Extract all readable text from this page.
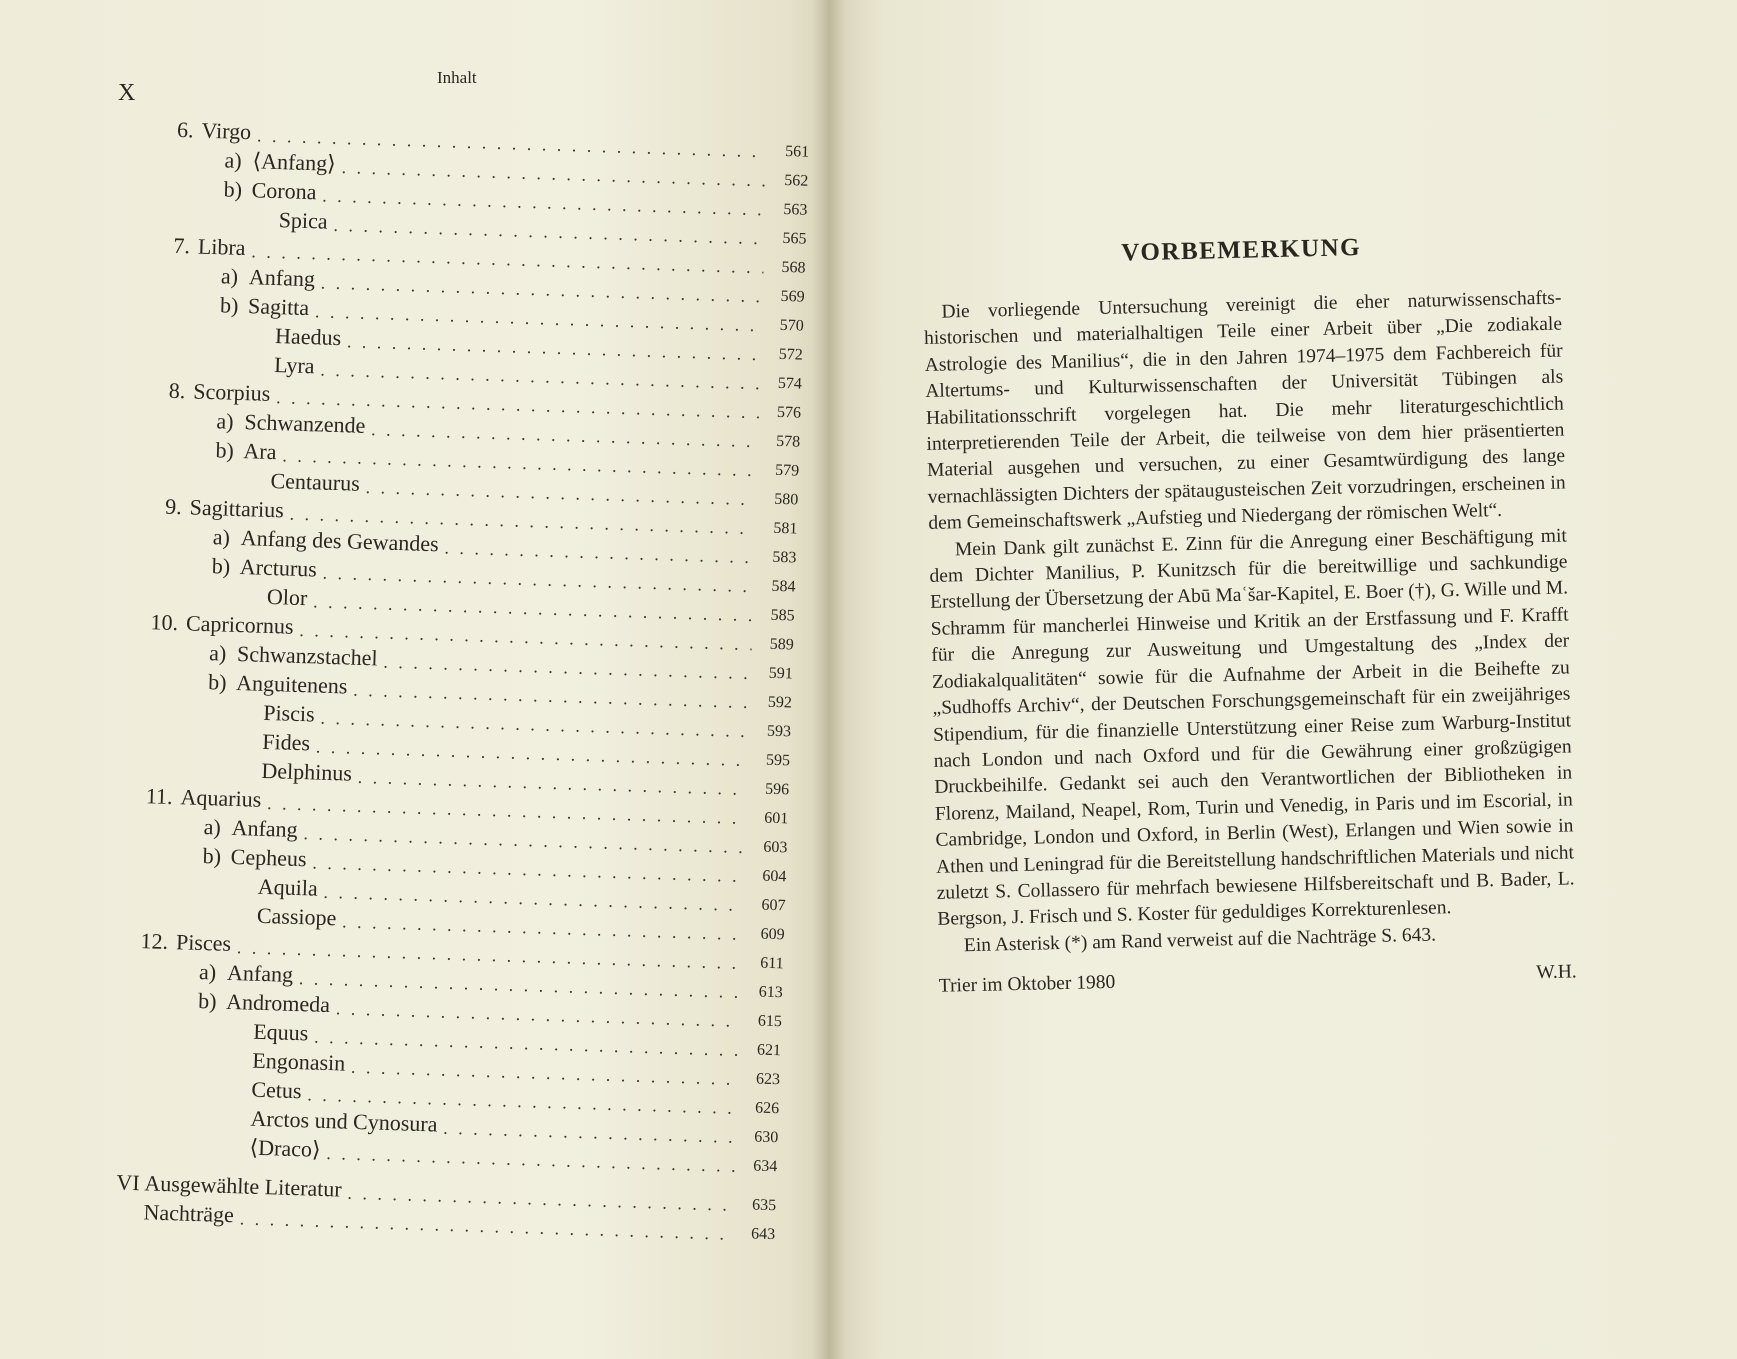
X
Inhalt
6. Virgo
. . .
561
a) ⟨Anfang⟩
. . .
562
b) Corona
. . .
563
Spica
. . .
565
7. Libra
. . .
568
a) Anfang
. . .
569
b) Sagitta
. . .
570
Haedus
. . .
572
Lyra
. . .
574
8. Scorpius
. . .
576
a) Schwanzende
. . .
578
b) Ara
. . .
579
Centaurus
. . .
580
9. Sagittarius
. . .
581
a) Anfang des Gewandes
. . .
583
b) Arcturus
. . .
584
Olor
. . .
585
10. Capricornus
. . .
589
a) Schwanzstachel
. . .
591
b) Anguitenens
. . .
592
Piscis
. . .
593
Fides
. . .
595
Delphinus
. . .
596
11. Aquarius
. . .
601
a) Anfang
. . .
603
b) Cepheus
. . .
604
Aquila
. . .
607
Cassiope
. . .
609
12. Pisces
. . .
611
a) Anfang
. . .
613
b) Andromeda
. . .
615
Equus
. . .
621
Engonasin
. . .
623
Cetus
. . .
626
Arctos und Cynosura
. . .
630
⟨Draco⟩
. . .
634
VI Ausgewählte Literatur
. . .
635
Nachträge
. . .
643
VORBEMERKUNG

Die vorliegende Untersuchung vereinigt die eher naturwissenschafts-historischen und materialhaltigen Teile einer Arbeit über „Die zodiakale Astrologie des Manilius“, die in den Jahren 1974–1975 dem Fachbereich für Altertums- und Kulturwissenschaften der Universität Tübingen als Habilitationsschrift vorgelegen hat. Die mehr literaturgeschichtlich interpretierenden Teile der Arbeit, die teilweise von dem hier präsentierten Material ausgehen und versuchen, zu einer Gesamtwürdigung des lange vernachlässigten Dichters der spätaugusteischen Zeit vorzudringen, erscheinen in dem Gemeinschaftswerk „Aufstieg und Niedergang der römischen Welt“.

Mein Dank gilt zunächst E. Zinn für die Anregung einer Beschäftigung mit dem Dichter Manilius, P. Kunitzsch für die bereitwillige und sachkundige Erstellung der Übersetzung der Abū Maʿšar-Kapitel, E. Boer (†), G. Wille und M. Schramm für mancherlei Hinweise und Kritik an der Erstfassung und F. Krafft für die Anregung zur Ausweitung und Umgestaltung des „Index der Zodiakalqualitäten“ sowie für die Aufnahme der Arbeit in die Beihefte zu „Sudhoffs Archiv“, der Deutschen Forschungsgemeinschaft für ein zweijähriges Stipendium, für die finanzielle Unterstützung einer Reise zum Warburg-Institut nach London und nach Oxford und für die Gewährung einer großzügigen Druckbeihilfe. Gedankt sei auch den Verantwortlichen der Bibliotheken in Florenz, Mailand, Neapel, Rom, Turin und Venedig, in Paris und im Escorial, in Cambridge, London und Oxford, in Berlin (West), Erlangen und Wien sowie in Athen und Leningrad für die Bereitstellung handschriftlichen Materials und nicht zuletzt S. Collassero für mehrfach bewiesene Hilfsbereitschaft und B. Bader, L. Bergson, J. Frisch und S. Koster für geduldiges Korrekturenlesen.

Ein Asterisk (*) am Rand verweist auf die Nachträge S. 643.

Trier im Oktober 1980	W.H.
